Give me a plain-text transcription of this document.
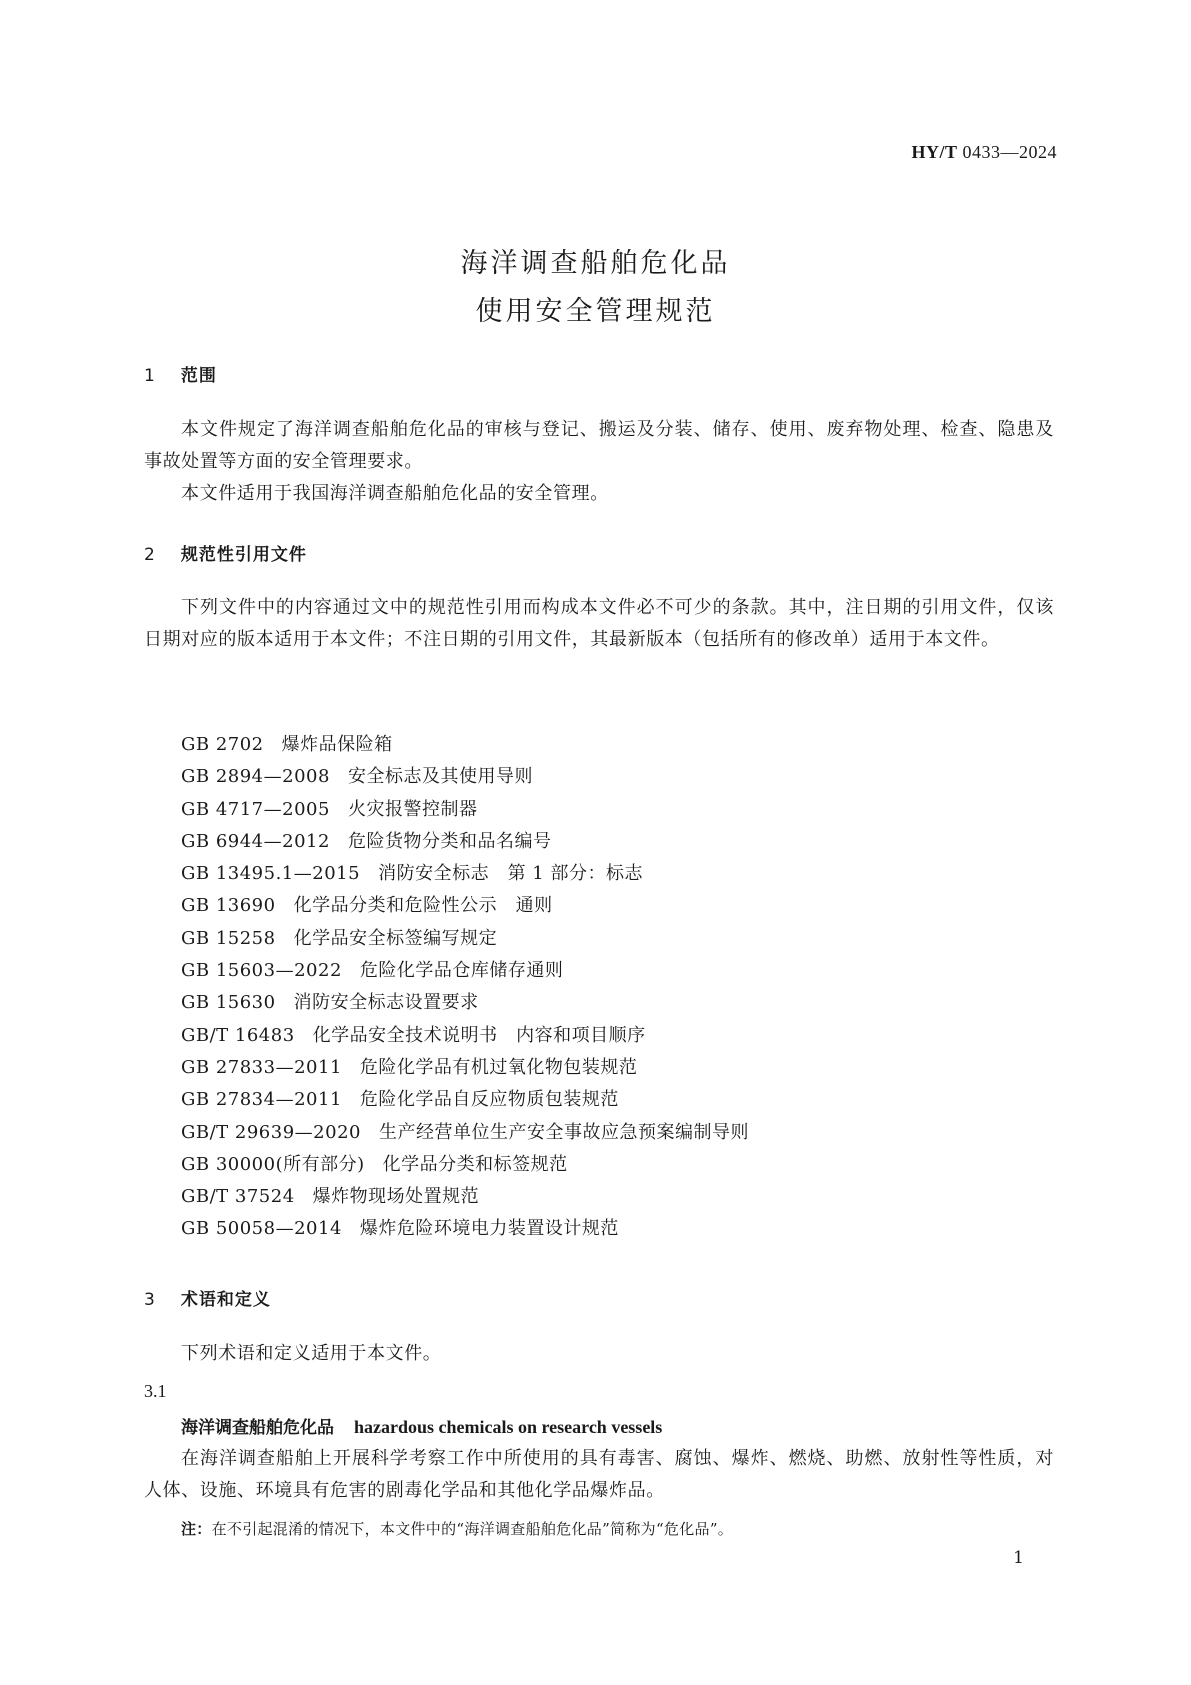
HY/T 0433—2024
海洋调查船舶危化品
使用安全管理规范
1 范围
本文件规定了海洋调查船舶危化品的审核与登记、搬运及分装、储存、使用、废弃物处理、检查、隐患及事故处置等方面的安全管理要求。
本文件适用于我国海洋调查船舶危化品的安全管理。
2 规范性引用文件
下列文件中的内容通过文中的规范性引用而构成本文件必不可少的条款。其中，注日期的引用文件，仅该日期对应的版本适用于本文件；不注日期的引用文件，其最新版本（包括所有的修改单）适用于本文件。
GB 2702 爆炸品保险箱
GB 2894—2008 安全标志及其使用导则
GB 4717—2005 火灾报警控制器
GB 6944—2012 危险货物分类和品名编号
GB 13495.1—2015 消防安全标志　第 1 部分：标志
GB 13690 化学品分类和危险性公示　通则
GB 15258 化学品安全标签编写规定
GB 15603—2022 危险化学品仓库储存通则
GB 15630 消防安全标志设置要求
GB/T 16483 化学品安全技术说明书　内容和项目顺序
GB 27833—2011 危险化学品有机过氧化物包装规范
GB 27834—2011 危险化学品自反应物质包装规范
GB/T 29639—2020 生产经营单位生产安全事故应急预案编制导则
GB 30000(所有部分) 化学品分类和标签规范
GB/T 37524 爆炸物现场处置规范
GB 50058—2014 爆炸危险环境电力装置设计规范
3 术语和定义
下列术语和定义适用于本文件。
3.1
海洋调查船舶危化品 hazardous chemicals on research vessels
在海洋调查船舶上开展科学考察工作中所使用的具有毒害、腐蚀、爆炸、燃烧、助燃、放射性等性质，对人体、设施、环境具有危害的剧毒化学品和其他化学品爆炸品。
注：在不引起混淆的情况下，本文件中的“海洋调查船舶危化品”简称为“危化品”。
1
